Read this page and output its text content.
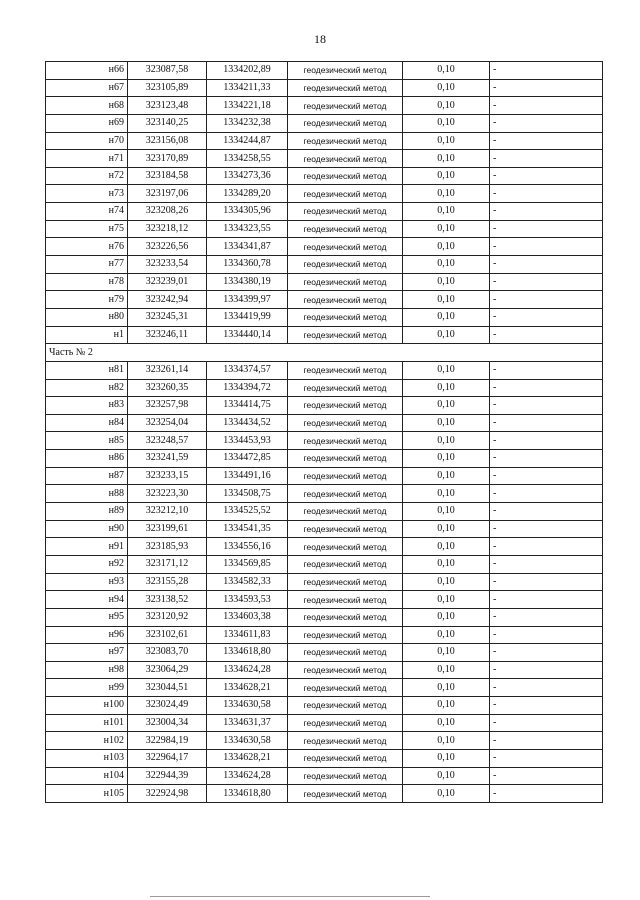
18
н66	323087,58	1334202,89	геодезический метод	0,10	-
н67	323105,89	1334211,33	геодезический метод	0,10	-
н68	323123,48	1334221,18	геодезический метод	0,10	-
н69	323140,25	1334232,38	геодезический метод	0,10	-
н70	323156,08	1334244,87	геодезический метод	0,10	-
н71	323170,89	1334258,55	геодезический метод	0,10	-
н72	323184,58	1334273,36	геодезический метод	0,10	-
н73	323197,06	1334289,20	геодезический метод	0,10	-
н74	323208,26	1334305,96	геодезический метод	0,10	-
н75	323218,12	1334323,55	геодезический метод	0,10	-
н76	323226,56	1334341,87	геодезический метод	0,10	-
н77	323233,54	1334360,78	геодезический метод	0,10	-
н78	323239,01	1334380,19	геодезический метод	0,10	-
н79	323242,94	1334399,97	геодезический метод	0,10	-
н80	323245,31	1334419,99	геодезический метод	0,10	-
н1	323246,11	1334440,14	геодезический метод	0,10	-
Часть № 2					
н81	323261,14	1334374,57	геодезический метод	0,10	-
н82	323260,35	1334394,72	геодезический метод	0,10	-
н83	323257,98	1334414,75	геодезический метод	0,10	-
н84	323254,04	1334434,52	геодезический метод	0,10	-
н85	323248,57	1334453,93	геодезический метод	0,10	-
н86	323241,59	1334472,85	геодезический метод	0,10	-
н87	323233,15	1334491,16	геодезический метод	0,10	-
н88	323223,30	1334508,75	геодезический метод	0,10	-
н89	323212,10	1334525,52	геодезический метод	0,10	-
н90	323199,61	1334541,35	геодезический метод	0,10	-
н91	323185,93	1334556,16	геодезический метод	0,10	-
н92	323171,12	1334569,85	геодезический метод	0,10	-
н93	323155,28	1334582,33	геодезический метод	0,10	-
н94	323138,52	1334593,53	геодезический метод	0,10	-
н95	323120,92	1334603,38	геодезический метод	0,10	-
н96	323102,61	1334611,83	геодезический метод	0,10	-
н97	323083,70	1334618,80	геодезический метод	0,10	-
н98	323064,29	1334624,28	геодезический метод	0,10	-
н99	323044,51	1334628,21	геодезический метод	0,10	-
н100	323024,49	1334630,58	геодезический метод	0,10	-
н101	323004,34	1334631,37	геодезический метод	0,10	-
н102	322984,19	1334630,58	геодезический метод	0,10	-
н103	322964,17	1334628,21	геодезический метод	0,10	-
н104	322944,39	1334624,28	геодезический метод	0,10	-
н105	322924,98	1334618,80	геодезический метод	0,10	-
